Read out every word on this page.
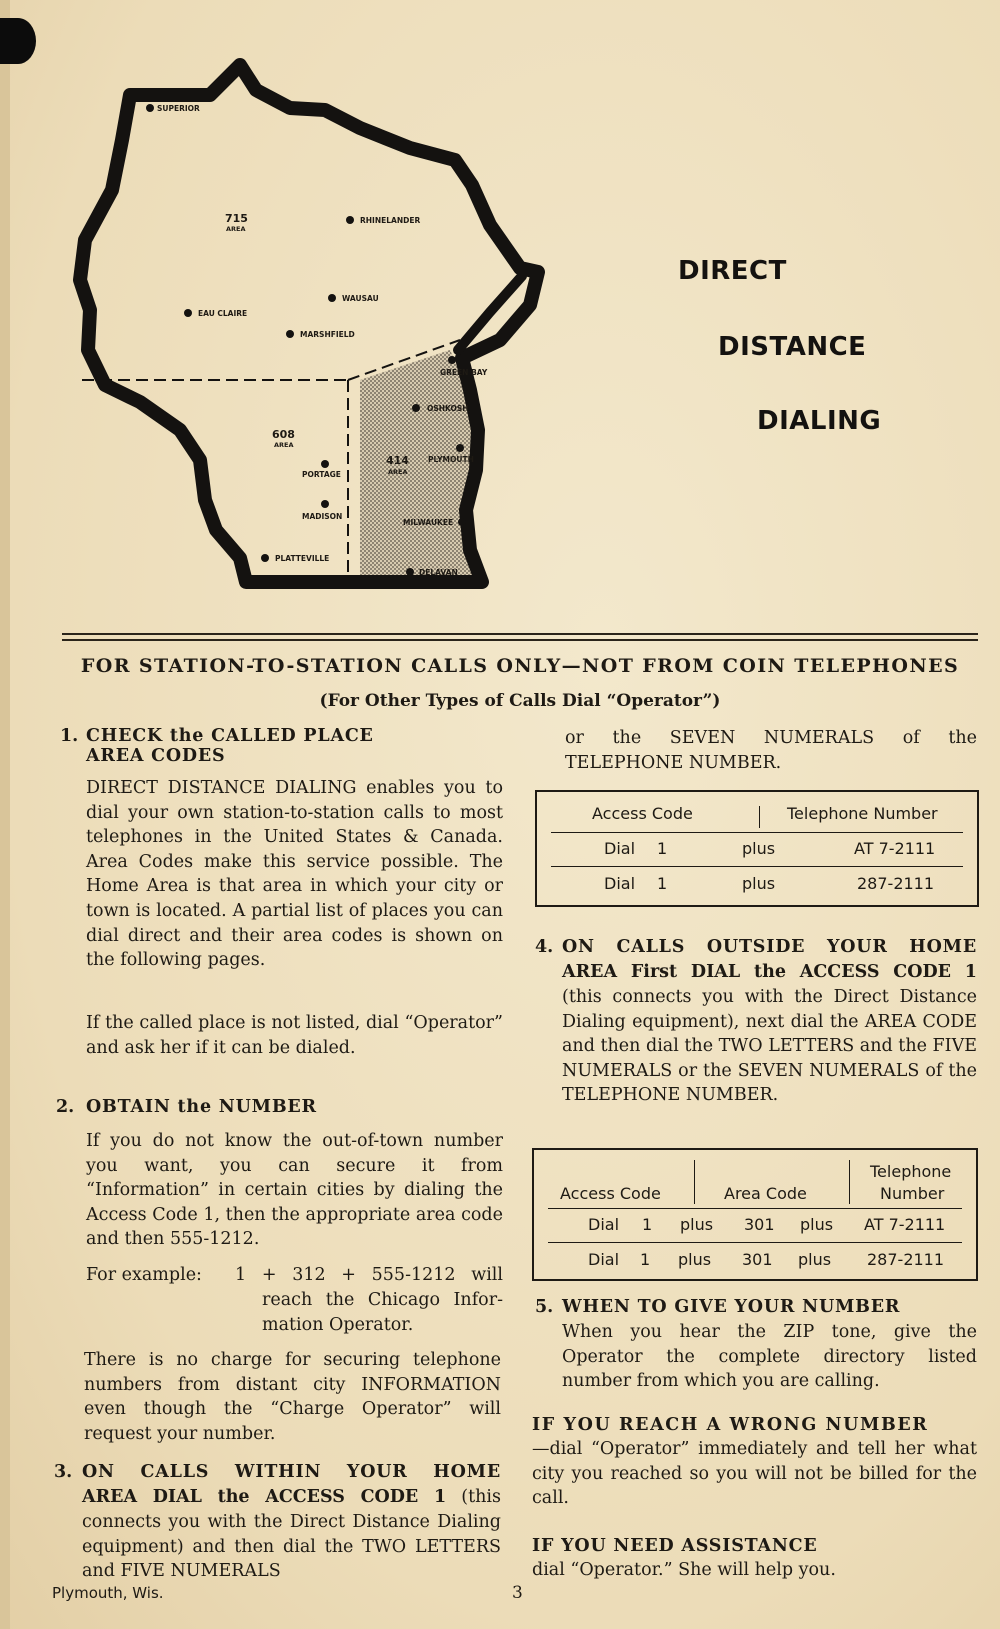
SUPERIOR
RHINELANDER
WAUSAU
EAU CLAIRE
MARSHFIELD
GREEN BAY
OSHKOSH
PLYMOUTH
PORTAGE
MADISON
MILWAUKEE
PLATTEVILLE
DELAVAN
715
AREA
608
AREA
414
AREA
DIRECT
DISTANCE
DIALING
FOR STATION-TO-STATION CALLS ONLY—NOT FROM COIN TELEPHONES
(For Other Types of Calls Dial “Operator”)
1. CHECK the CALLED PLACE
AREA CODES

DIRECT DISTANCE DIALING enables you to dial your own station-to-station calls to most telephones in the United States & Canada. Area Codes make this service possible. The Home Area is that area in which your city or town is located. A partial list of places you can dial direct and their area codes is shown on the following pages.

If the called place is not listed, dial “Operator” and ask her if it can be dialed.

2. OBTAIN the NUMBER

If you do not know the out-of-town number you want, you can secure it from “Information” in certain cities by dialing the Access Code 1, then the appropriate area code and then 555-1212.

For example: 1 + 312 + 555-1212 will
reach the Chicago Infor-
mation Operator.

There is no charge for securing telephone numbers from distant city INFORMATION even though the “Charge Operator” will request your number.

3. ON CALLS WITHIN YOUR HOME
AREA DIAL the ACCESS CODE 1 (this

connects you with the Direct Distance Dialing equipment) and then dial the TWO LETTERS and FIVE NUMERALS

or the SEVEN NUMERALS of the TELEPHONE NUMBER.

Access Code	Telephone Number
Dial 1	plus	AT 7-2111
Dial 1	plus	287-2111
4. ON CALLS OUTSIDE YOUR HOME
AREA First DIAL the ACCESS CODE 1

(this connects you with the Direct Distance Dialing equipment), next dial the AREA CODE and then dial the TWO LETTERS and the FIVE NUMERALS or the SEVEN NUMERALS of the TELEPHONE NUMBER.

Access Code	Area Code
Telephone
Number
Dial 1 plus 301 plus AT 7-2111
Dial 1 plus 301 plus 287-2111
5. WHEN TO GIVE YOUR NUMBER

When you hear the ZIP tone, give the Operator the complete directory listed number from which you are calling.

IF YOU REACH A WRONG NUMBER

—dial “Operator” immediately and tell her what city you reached so you will not be billed for the call.

IF YOU NEED ASSISTANCE

dial “Operator.” She will help you.

Plymouth, Wis.	3
